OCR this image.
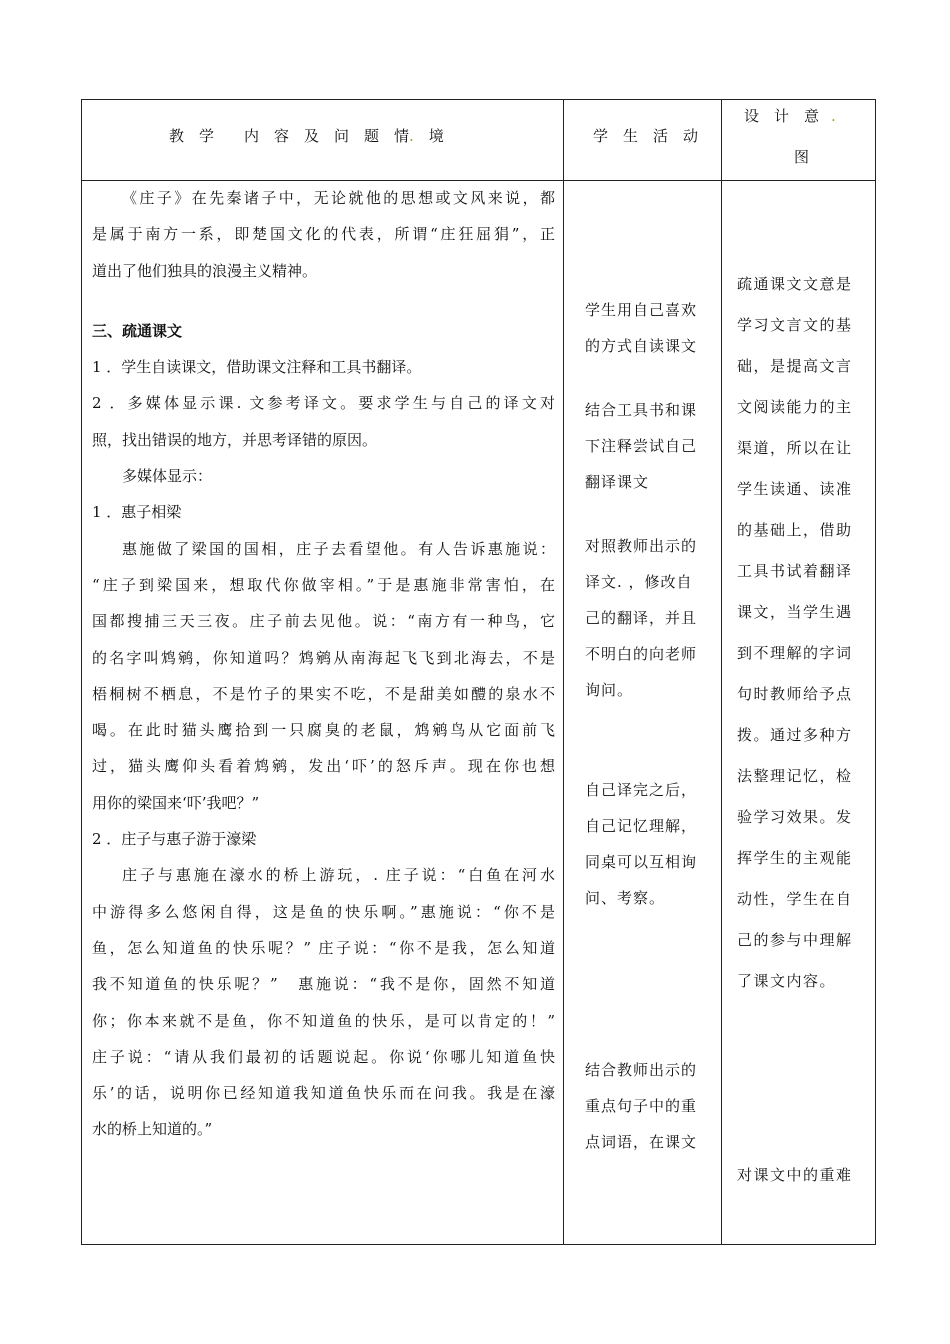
教　学　　内　容　及　问　题　情.　境	学　生　活　动
设　计　意 .
图
《庄子》在先秦诸子中，无论就他的思想或文风来说，都
是属于南方一系，即楚国文化的代表，所谓“庄狂屈狷”，正
道出了他们独具的浪漫主义精神。
三、疏通课文
1 ．学生自读课文，借助课文注释和工具书翻译。
2 ．多媒体显示课. 文参考译文。要求学生与自己的译文对
照，找出错误的地方，并思考译错的原因。
多媒体显示：
1 ．惠子相梁
惠施做了梁国的国相，庄子去看望他。有人告诉惠施说：
“庄子到梁国来，想取代你做宰相。”于是惠施非常害怕，在
国都搜捕三天三夜。庄子前去见他。说：“南方有一种鸟，它
的名字叫鸩鹓，你知道吗？鸩鹓从南海起飞飞到北海去，不是
梧桐树不栖息，不是竹子的果实不吃，不是甜美如醴的泉水不
喝。在此时猫头鹰拾到一只腐臭的老鼠，鸩鹓鸟从它面前飞
过，猫头鹰仰头看着鸩鹓，发出‘吓’的怒斥声。现在你也想
用你的梁国来‘吓’我吧？”
2 ．庄子与惠子游于濠梁
庄子与惠施在濠水的桥上游玩，. 庄子说：“白鱼在河水
中游得多么悠闲自得，这是鱼的快乐啊。”惠施说：“你不是
鱼，怎么知道鱼的快乐呢？” 庄子说：“你不是我，怎么知道
我不知道鱼的快乐呢？”　惠施说：“我不是你，固然不知道
你；你本来就不是鱼，你不知道鱼的快乐，是可以肯定的！”
庄子说：“请从我们最初的话题说起。你说‘你哪儿知道鱼快
乐’的话，说明你已经知道我知道鱼快乐而在问我。我是在濠
水的桥上知道的。”
学生用自己喜欢
的方式自读课文
结合工具书和课
下注释尝试自己
翻译课文
对照教师出示的
译文. ，修改自
己的翻译，并且
不明白的向老师
询问。
自己译完之后，
自己记忆理解，
同桌可以互相询
问、考察。
结合教师出示的
重点句子中的重
点词语，在课文
疏通课文文意是
学习文言文的基
础，是提高文言
文阅读能力的主
渠道，所以在让
学生读通、读准
的基础上，借助
工具书试着翻译
课文，当学生遇
到不理解的字词
句时教师给予点
拨。通过多种方
法整理记忆，检
验学习效果。发
挥学生的主观能
动性，学生在自
己的参与中理解
了课文内容。
对课文中的重难
